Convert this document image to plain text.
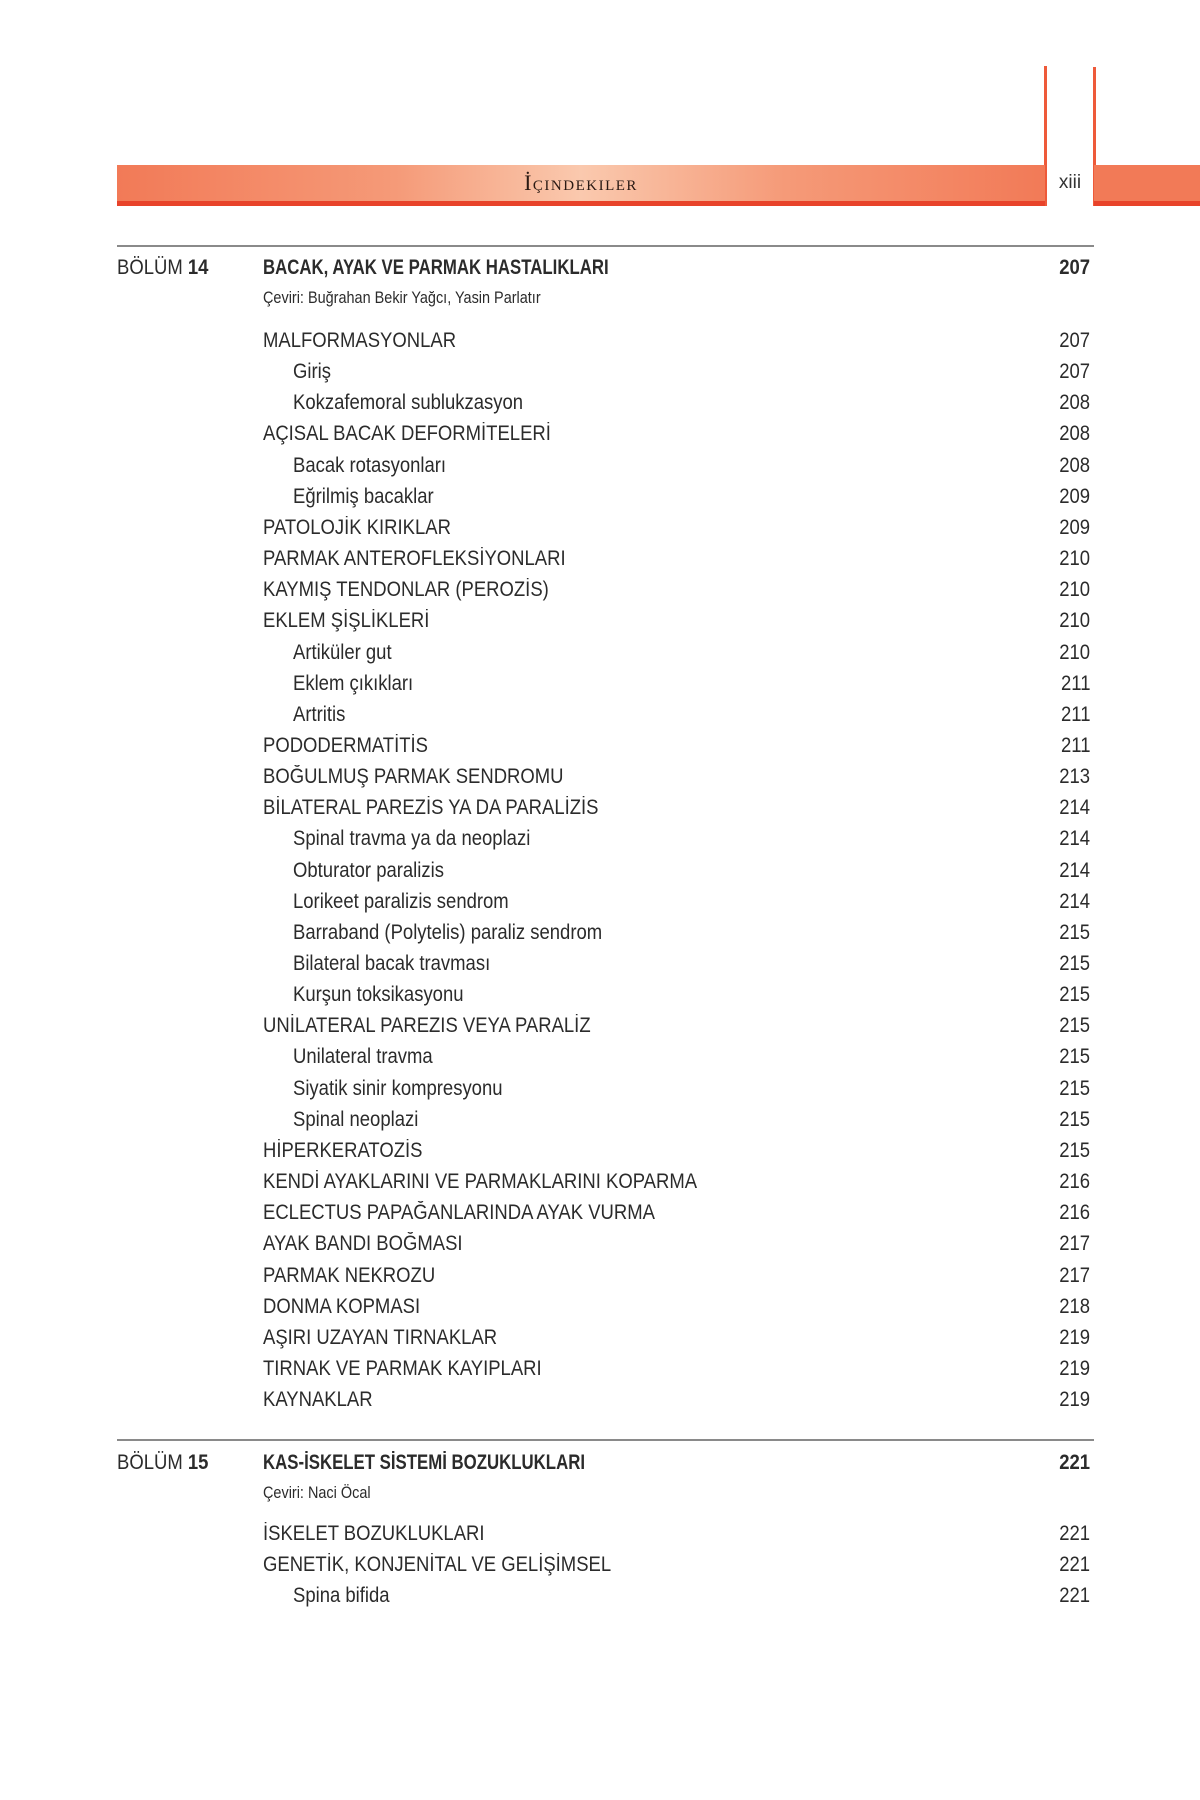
İçindekiler	xiii
BÖLÜM 14	BACAK, AYAK VE PARMAK HASTALIKLARI	207
Çeviri: Buğrahan Bekir Yağcı, Yasin Parlatır
MALFORMASYONLAR	207
Giriş	207
Kokzafemoral sublukzasyon	208
AÇISAL BACAK DEFORMİTELERİ	208
Bacak rotasyonları	208
Eğrilmiş bacaklar	209
PATOLOJİK KIRIKLAR	209
PARMAK ANTEROFLEKSİYONLARI	210
KAYMIŞ TENDONLAR (PEROZİS)	210
EKLEM ŞİŞLİKLERİ	210
Artiküler gut	210
Eklem çıkıkları	211
Artritis	211
PODODERMATİTİS	211
BOĞULMUŞ PARMAK SENDROMU	213
BİLATERAL PAREZİS YA DA PARALİZİS	214
Spinal travma ya da neoplazi	214
Obturator paralizis	214
Lorikeet paralizis sendrom	214
Barraband (Polytelis) paraliz sendrom	215
Bilateral bacak travması	215
Kurşun toksikasyonu	215
UNİLATERAL PAREZIS VEYA PARALİZ	215
Unilateral travma	215
Siyatik sinir kompresyonu	215
Spinal neoplazi	215
HİPERKERATOZİS	215
KENDİ AYAKLARINI VE PARMAKLARINI KOPARMA	216
ECLECTUS PAPAĞANLARINDA AYAK VURMA	216
AYAK BANDI BOĞMASI	217
PARMAK NEKROZU	217
DONMA KOPMASI	218
AŞIRI UZAYAN TIRNAKLAR	219
TIRNAK VE PARMAK KAYIPLARI	219
KAYNAKLAR	219
BÖLÜM 15	KAS-İSKELET SİSTEMİ BOZUKLUKLARI	221
Çeviri: Naci Öcal
İSKELET BOZUKLUKLARI	221
GENETİK, KONJENİTAL VE GELİŞİMSEL	221
Spina bifida	221
